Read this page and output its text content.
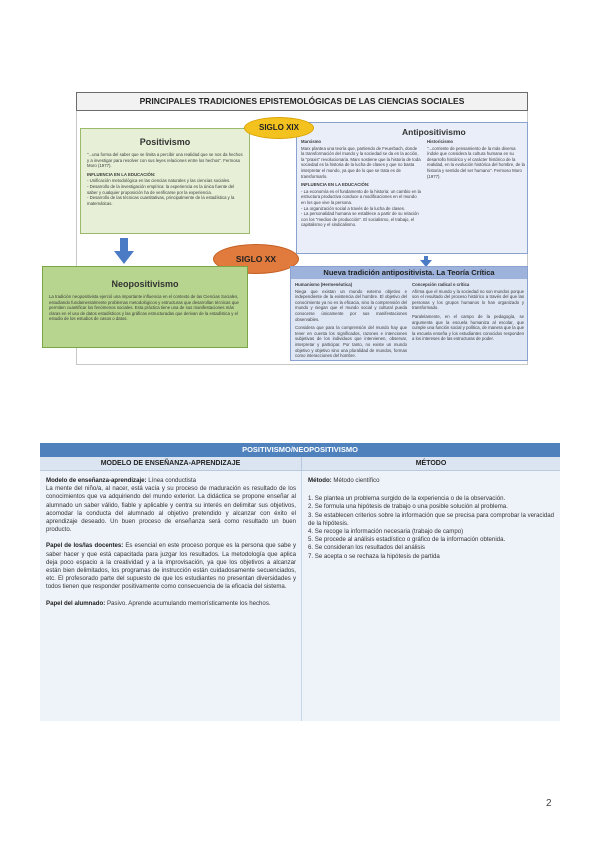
PRINCIPALES TRADICIONES EPISTEMOLÓGICAS DE LAS CIENCIAS SOCIALES
Positivismo

"...una forma del saber que se limita a percibir una realidad que se nos da hechos y a investigar para resolver con sus leyes relaciones entre los hechos". Fermoso Moro (1977).

INFLUENCIA EN LA EDUCACIÓN:

- Unificación metodológica en las ciencias naturales y las ciencias sociales.
- Desarrollo de la investigación empírica: la experiencia es la única fuente del saber y cualquier proposición ha de verificarse por la experiencia.
- Desarrollo de las técnicas cuantitativas, principalmente de la estadística y la matemáticas.
Antipositivismo

Marxismo

Marx plantea una teoría que, partiendo de Feuerbach, donde la transformación del mundo y la sociedad se da en la acción, la "praxis" revolucionaria. Marx sostiene que la historia de toda sociedad es la historia de la lucha de clases y que no basta interpretar el mundo, ya que de lo que se trata es de transformarlo.

INFLUENCIA EN LA EDUCACIÓN:

- La economía es el fundamento de la historia: un cambio en la estructura productiva conduce a modificaciones en el mundo en los que vive la persona.
- La organización social a través de la lucha de clases.
- La personalidad humana se establece a partir de su relación con los "medios de producción". El socialismo, el trabajo, el capitalismo y el sindicalismo.

Historicismo

"...corriente de pensamiento de la más diversa índole que considera la cultura humana en su desarrollo histórico y el carácter histórico de la realidad, en la evolución histórica del hombre, de la historia y sentido del ser humano". Fermoso Moro (1977).

SIGLO XIX
SIGLO XX
Neopositivismo

La tradición neopositivista ejerció una importante influencia en el contexto de las Ciencias Sociales, estudiando fundamentalmente problemas metodológicos y estructuras que desarrollan técnicas que permiten cuantificar los fenómenos sociales. Esta práctica tiene una de sus manifestaciones más claras en el uso de datos estadísticos y las gráficas estructuradas que derivan de la estadística y el estudio de los estudios de casos o datos.

Nueva tradición antipositivista. La Teoría Crítica

Humanismo (Hermenéutica)

Niega que existan un mundo externo objetivo e independiente de la existencia del hombre. El objetivo del conocimiento ya no es la eficacia, sino la comprensión del mundo y niegan que el mundo social y cultural pueda conocerse únicamente por sus manifestaciones observables.

Considera que para la comprensión del mundo hay que tener en cuenta los significados, razones e intenciones subjetivas de los individuos que intervienen, observar, interpretar y participar. Por tanto, no existe un mundo objetivo y objetivo sino una pluralidad de mundos, formas como interacciones del hombre.

Concepción radical o crítica

Afirma que el mundo y la sociedad no son mundos porque son el resultado del proceso histórico a través del que las personas y los grupos humanos lo han organizado y transformado.

Paralelamente, en el campo de la pedagogía, se argumenta que la escuela humaniza al escolar, que cumple una función social y política, de manera que la que la escuela enseña y los estudiantes conocidos responden a los intereses de las estructuras de poder.

POSITIVISMO/NEOPOSITIVISMO
MODELO DE ENSEÑANZA-APRENDIZAJE	MÉTODO
Modelo de enseñanza-aprendizaje: Línea conductista
La mente del niño/a, al nacer, está vacía y su proceso de maduración es resultado de los conocimientos que va adquiriendo del mundo exterior. La didáctica se propone enseñar al alumnado un saber válido, fiable y aplicable y centra su interés en delimitar sus objetivos, acomodar la conducta del alumnado al objetivo pretendido y alcanzar con éxito el aprendizaje deseado. Un buen proceso de enseñanza será como resultado un buen producto.
Papel de los/las docentes: Es esencial en este proceso porque es la persona que sabe y saber hacer y que está capacitada para juzgar los resultados. La metodología que aplica deja poco espacio a la creatividad y a la improvisación, ya que los objetivos a alcanzar están bien delimitados, los programas de instrucción están cuidadosamente secuenciados, etc. El profesorado parte del supuesto de que los estudiantes no presentan diversidades y todos tienen que responder positivamente como consecuencia de la eficacia del sistema.
Papel del alumnado: Pasivo. Aprende acumulando memorísticamente los hechos.
Método: Método científico
1. Se plantea un problema surgido de la experiencia o de la observación.
2. Se formula una hipótesis de trabajo o una posible solución al problema.
3. Se establecen criterios sobre la información que se precisa para comprobar la veracidad de la hipótesis.
4. Se recoge la información necesaria (trabajo de campo)
5. Se procede al análisis estadístico o gráfico de la información obtenida.
6. Se consideran los resultados del análisis
7. Se acepta o se rechaza la hipótesis de partida
2
